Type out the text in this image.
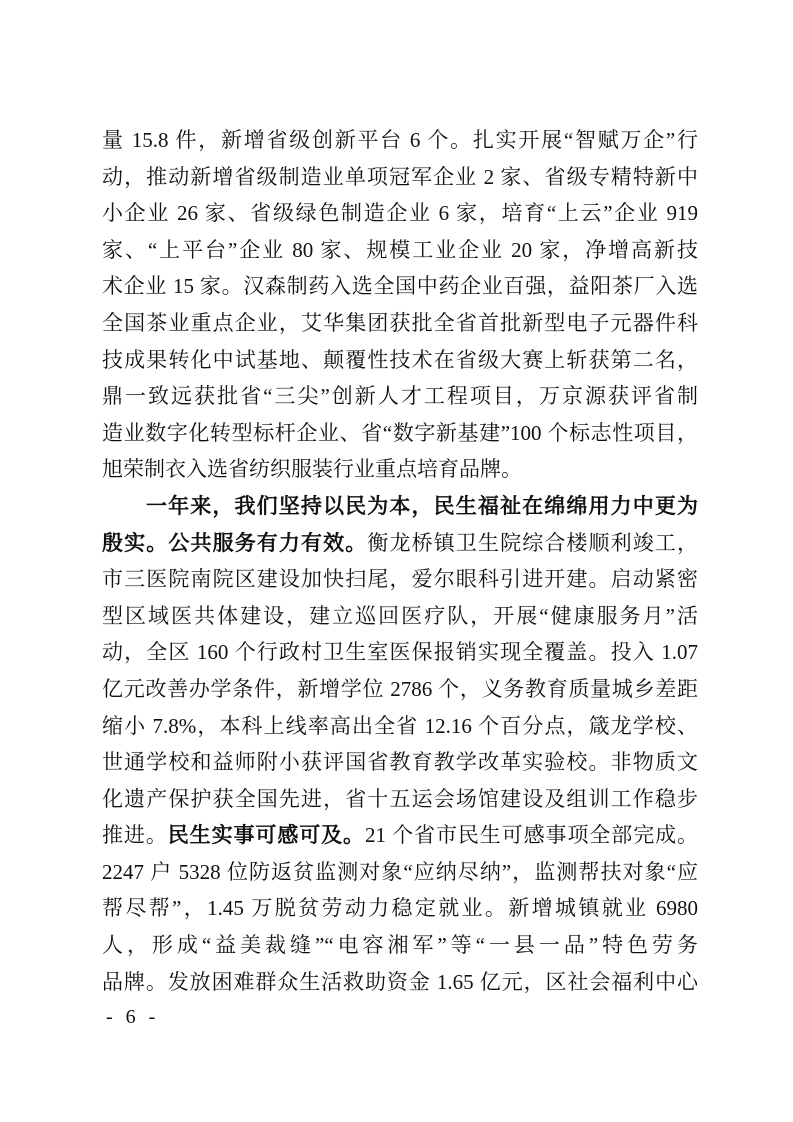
量 15.8 件，新增省级创新平台 6 个。扎实开展“智赋万企”行
动，推动新增省级制造业单项冠军企业 2 家、省级专精特新中
小企业 26 家、省级绿色制造企业 6 家，培育“上云”企业 919
家、“上平台”企业 80 家、规模工业企业 20 家，净增高新技
术企业 15 家。汉森制药入选全国中药企业百强，益阳茶厂入选
全国茶业重点企业，艾华集团获批全省首批新型电子元器件科
技成果转化中试基地、颠覆性技术在省级大赛上斩获第二名，
鼎一致远获批省“三尖”创新人才工程项目，万京源获评省制
造业数字化转型标杆企业、省“数字新基建”100 个标志性项目，
旭荣制衣入选省纺织服装行业重点培育品牌。
一年来，我们坚持以民为本，民生福祉在绵绵用力中更为
殷实。公共服务有力有效。衡龙桥镇卫生院综合楼顺利竣工，
市三医院南院区建设加快扫尾，爱尔眼科引进开建。启动紧密
型区域医共体建设，建立巡回医疗队，开展“健康服务月”活
动，全区 160 个行政村卫生室医保报销实现全覆盖。投入 1.07
亿元改善办学条件，新增学位 2786 个，义务教育质量城乡差距
缩小 7.8%，本科上线率高出全省 12.16 个百分点，箴龙学校、
世通学校和益师附小获评国省教育教学改革实验校。非物质文
化遗产保护获全国先进，省十五运会场馆建设及组训工作稳步
推进。民生实事可感可及。21 个省市民生可感事项全部完成。
2247 户 5328 位防返贫监测对象“应纳尽纳”，监测帮扶对象“应
帮尽帮”，1.45 万脱贫劳动力稳定就业。新增城镇就业 6980
人，形成“益美裁缝”“电容湘军”等“一县一品”特色劳务
品牌。发放困难群众生活救助资金 1.65 亿元，区社会福利中心
- 6 -
